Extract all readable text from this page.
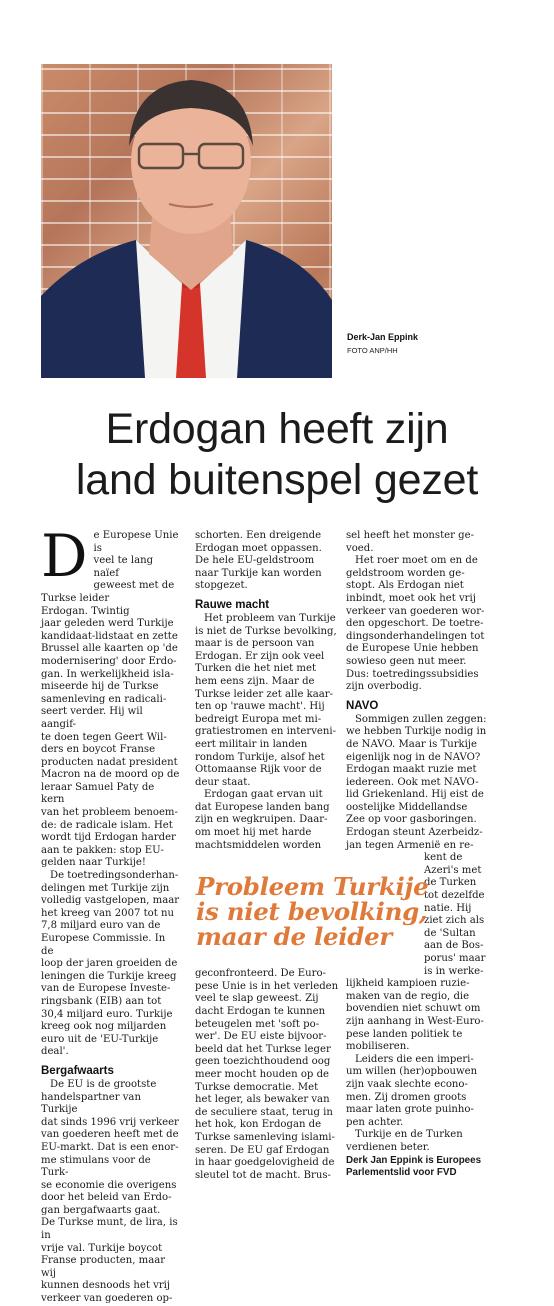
Derk-Jan Eppink
FOTO ANP/HH
Erdogan heeft zijn
land buitenspel gezet

De Europese Unie is
veel te lang naïef
geweest met de
Turkse leider
Erdogan. Twintig
jaar geleden werd Turkije
kandidaat-lidstaat en zette
Brussel alle kaarten op 'de
modernisering' door Erdo-
gan. In werkelijkheid isla-
miseerde hij de Turkse
samenleving en radicali-
seert verder. Hij wil aangif-
te doen tegen Geert Wil-
ders en boycot Franse
producten nadat president
Macron na de moord op de
leraar Samuel Paty de kern
van het probleem benoem-
de: de radicale islam. Het
wordt tijd Erdogan harder
aan te pakken: stop EU-
gelden naar Turkije!

De toetredingsonderhan-
delingen met Turkije zijn
volledig vastgelopen, maar
het kreeg van 2007 tot nu
7,8 miljard euro van de
Europese Commissie. In de
loop der jaren groeiden de
leningen die Turkije kreeg
van de Europese Investe-
ringsbank (EIB) aan tot
30,4 miljard euro. Turkije
kreeg ook nog miljarden
euro uit de 'EU-Turkije
deal'.

Bergafwaarts

De EU is de grootste
handelspartner van Turkije
dat sinds 1996 vrij verkeer
van goederen heeft met de
EU-markt. Dat is een enor-
me stimulans voor de Turk-
se economie die overigens
door het beleid van Erdo-
gan bergafwaarts gaat.
De Turkse munt, de lira, is in
vrije val. Turkije boycot
Franse producten, maar wij
kunnen desnoods het vrij
verkeer van goederen op-

schorten. Een dreigende
Erdogan moet oppassen.
De hele EU-geldstroom
naar Turkije kan worden
stopgezet.

Rauwe macht

Het probleem van Turkije
is niet de Turkse bevolking,
maar is de persoon van
Erdogan. Er zijn ook veel
Turken die het niet met
hem eens zijn. Maar de
Turkse leider zet alle kaar-
ten op 'rauwe macht'. Hij
bedreigt Europa met mi-
gratiestromen en interveni-
eert militair in landen
rondom Turkije, alsof het
Ottomaanse Rijk voor de
deur staat.

Erdogan gaat ervan uit
dat Europese landen bang
zijn en wegkruipen. Daar-
om moet hij met harde
machtsmiddelen worden

geconfronteerd. De Euro-
pese Unie is in het verleden
veel te slap geweest. Zij
dacht Erdogan te kunnen
beteugelen met 'soft po-
wer'. De EU eiste bijvoor-
beeld dat het Turkse leger
geen toezichthoudend oog
meer mocht houden op de
Turkse democratie. Met
het leger, als bewaker van
de seculiere staat, terug in
het hok, kon Erdogan de
Turkse samenleving islami-
seren. De EU gaf Erdogan
in haar goedgelovigheid de
sleutel tot de macht. Brus-

sel heeft het monster ge-
voed.

Het roer moet om en de
geldstroom worden ge-
stopt. Als Erdogan niet
inbindt, moet ook het vrij
verkeer van goederen wor-
den opgeschort. De toetre-
dingsonderhandelingen tot
de Europese Unie hebben
sowieso geen nut meer.
Dus: toetredingssubsidies
zijn overbodig.

NAVO

Sommigen zullen zeggen:
we hebben Turkije nodig in
de NAVO. Maar is Turkije
eigenlijk nog in de NAVO?
Erdogan maakt ruzie met
iedereen. Ook met NAVO-
lid Griekenland. Hij eist de
oostelijke Middellandse
Zee op voor gasboringen.
Erdogan steunt Azerbeidz-
jan tegen Armenië en re-

kent de
Azeri's met
de Turken
tot dezelfde
natie. Hij
ziet zich als
de 'Sultan
aan de Bos-
porus' maar
is in werke-

lijkheid kampioen ruzie-
maken van de regio, die
bovendien niet schuwt om
zijn aanhang in West-Euro-
pese landen politiek te
mobiliseren.

Leiders die een imperi-
um willen (her)opbouwen
zijn vaak slechte econo-
men. Zij dromen groots
maar laten grote puinho-
pen achter.

Turkije en de Turken
verdienen beter.

Derk Jan Eppink is Europees
Parlementslid voor FVD

Probleem Turkije
is niet bevolking,
maar de leider
